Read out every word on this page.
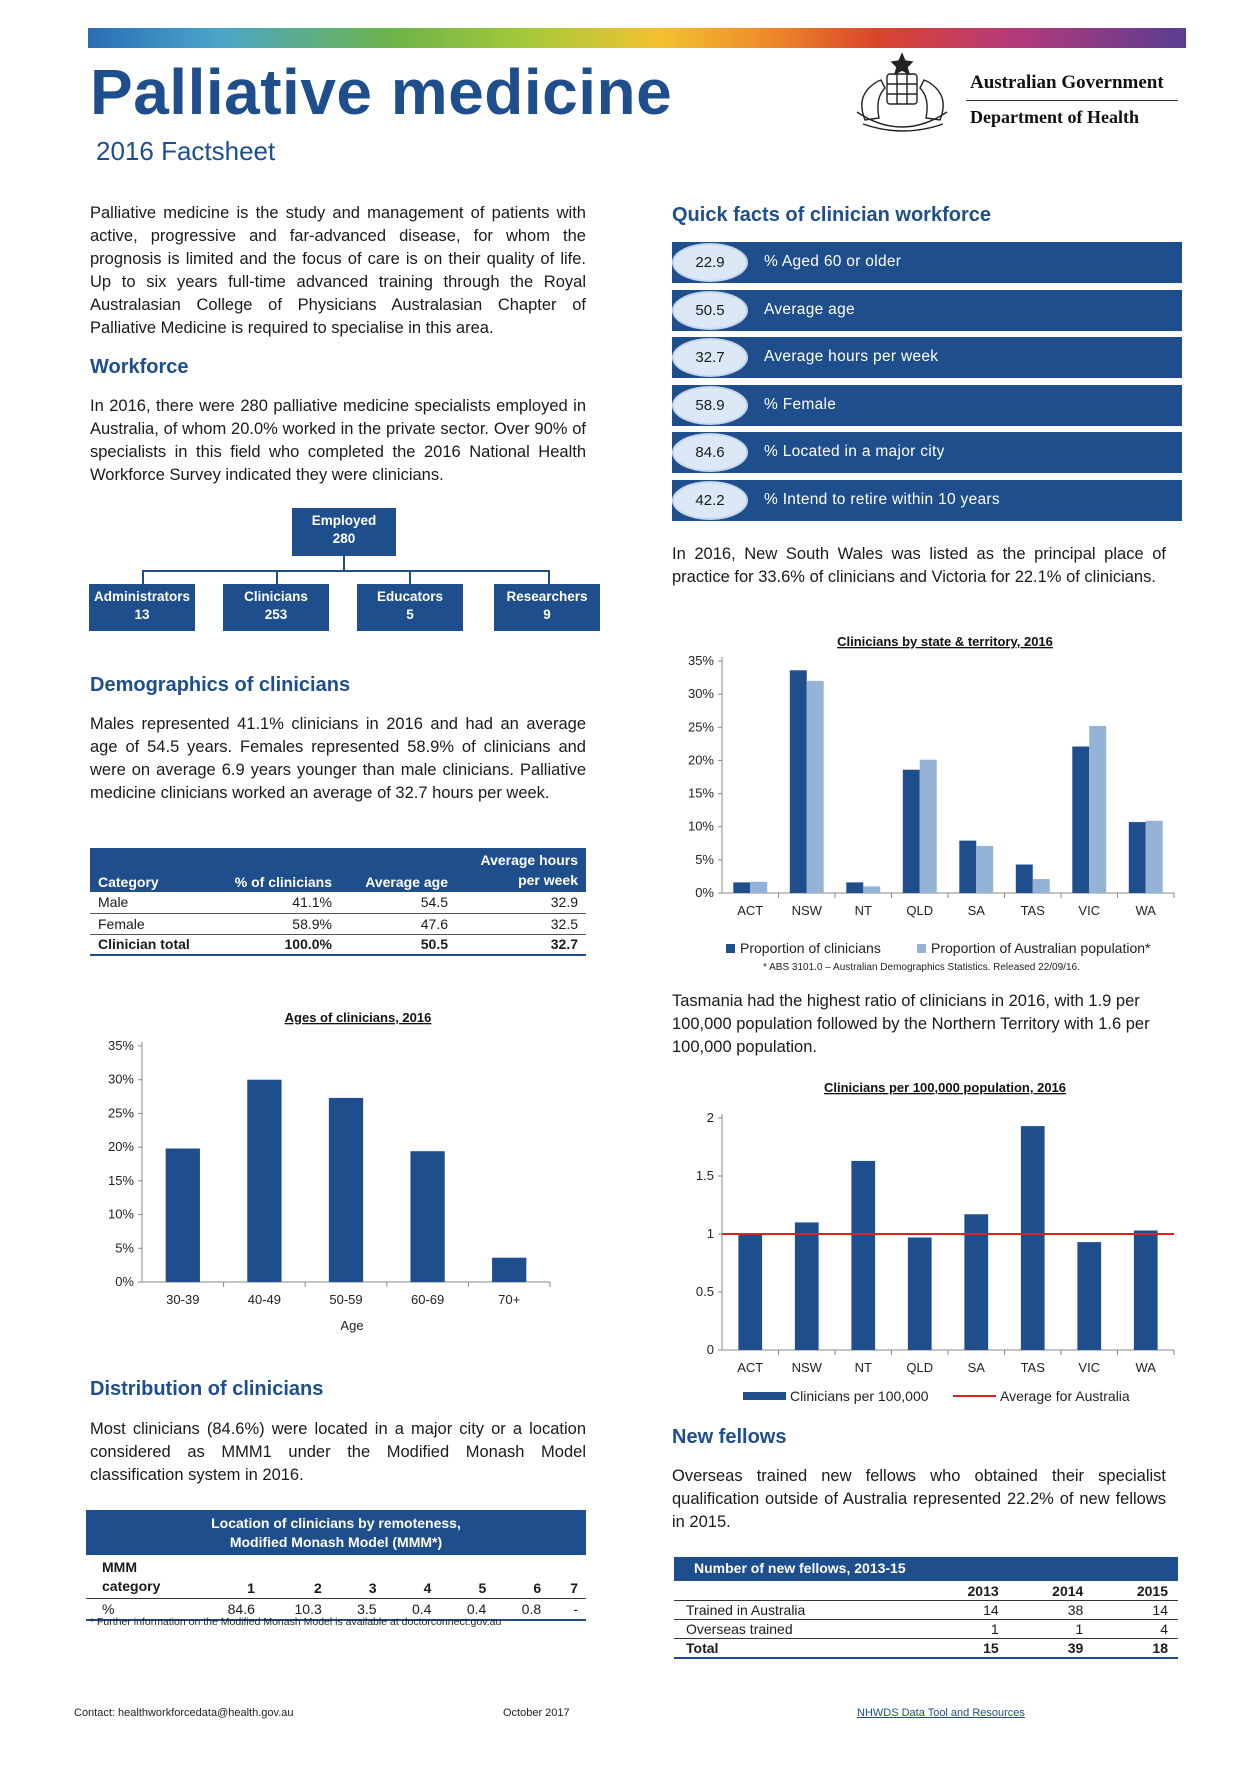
Palliative medicine
2016 Factsheet
Australian Government
Department of Health

Palliative medicine is the study and management of patients with active, progressive and far-advanced disease, for whom the prognosis is limited and the focus of care is on their quality of life. Up to six years full-time advanced training through the Royal Australasian College of Physicians Australasian Chapter of Palliative Medicine is required to specialise in this area.

Workforce

In 2016, there were 280 palliative medicine specialists employed in Australia, of whom 20.0% worked in the private sector. Over 90% of specialists in this field who completed the 2016 National Health Workforce Survey indicated they were clinicians.

Employed
280
Administrators
13
Clinicians
253
Educators
5
Researchers
9
Demographics of clinicians

Males represented 41.1% clinicians in 2016 and had an average age of 54.5 years. Females represented 58.9% of clinicians and were on average 6.9 years younger than male clinicians. Palliative medicine clinicians worked an average of 32.7 hours per week.

Category	% of clinicians	Average age	Average hours per week
Male	41.1%	54.5	32.9
Female	58.9%	47.6	32.5
Clinician total	100.0%	50.5	32.7
Ages of clinicians, 2016
Age
0%
5%
10%
15%
20%
25%
30%
35%
30-39	40-49	50-59	60-69	70+
Distribution of clinicians

Most clinicians (84.6%) were located in a major city or a location considered as MMM1 under the Modified Monash Model classification system in 2016.

Location of clinicians by remoteness,
Modified Monash Model (MMM*)
MMM
category	1	2	3	4	5	6	7
%	84.6	10.3	3.5	0.4	0.4	0.8	-
* Further information on the Modified Monash Model is available at doctorconnect.gov.au
Quick facts of clinician workforce
22.9	% Aged 60 or older
50.5	Average age
32.7	Average hours per week
58.9	% Female
84.6	% Located in a major city
42.2	% Intend to retire within 10 years

In 2016, New South Wales was listed as the principal place of practice for 33.6% of clinicians and Victoria for 22.1% of clinicians.

Clinicians by state & territory, 2016
Proportion of clinicians	Proportion of Australian population*
0%
5%
10%
15%
20%
25%
30%
35%
ACT NSW	NT	QLD	SA	TAS	VIC	WA
* ABS 3101.0 – Australian Demographics Statistics. Released 22/09/16.

Tasmania had the highest ratio of clinicians in 2016, with 1.9 per 100,000 population followed by the Northern Territory with 1.6 per 100,000 population.

Clinicians per 100,000 population, 2016
Clinicians per 100,000	Average for Australia
0
0.5
1
1.5
2
ACT NSW	NT	QLD	SA	TAS	VIC	WA
New fellows

Overseas trained new fellows who obtained their specialist qualification outside of Australia represented 22.2% of new fellows in 2015.

Number of new fellows, 2013-15
	2013	2014	2015
Trained in Australia	14	38	14
Overseas trained	1	1	4
Total	15	39	18
Contact: healthworkforcedata@health.gov.au	October 2017	NHWDS Data Tool and Resources
